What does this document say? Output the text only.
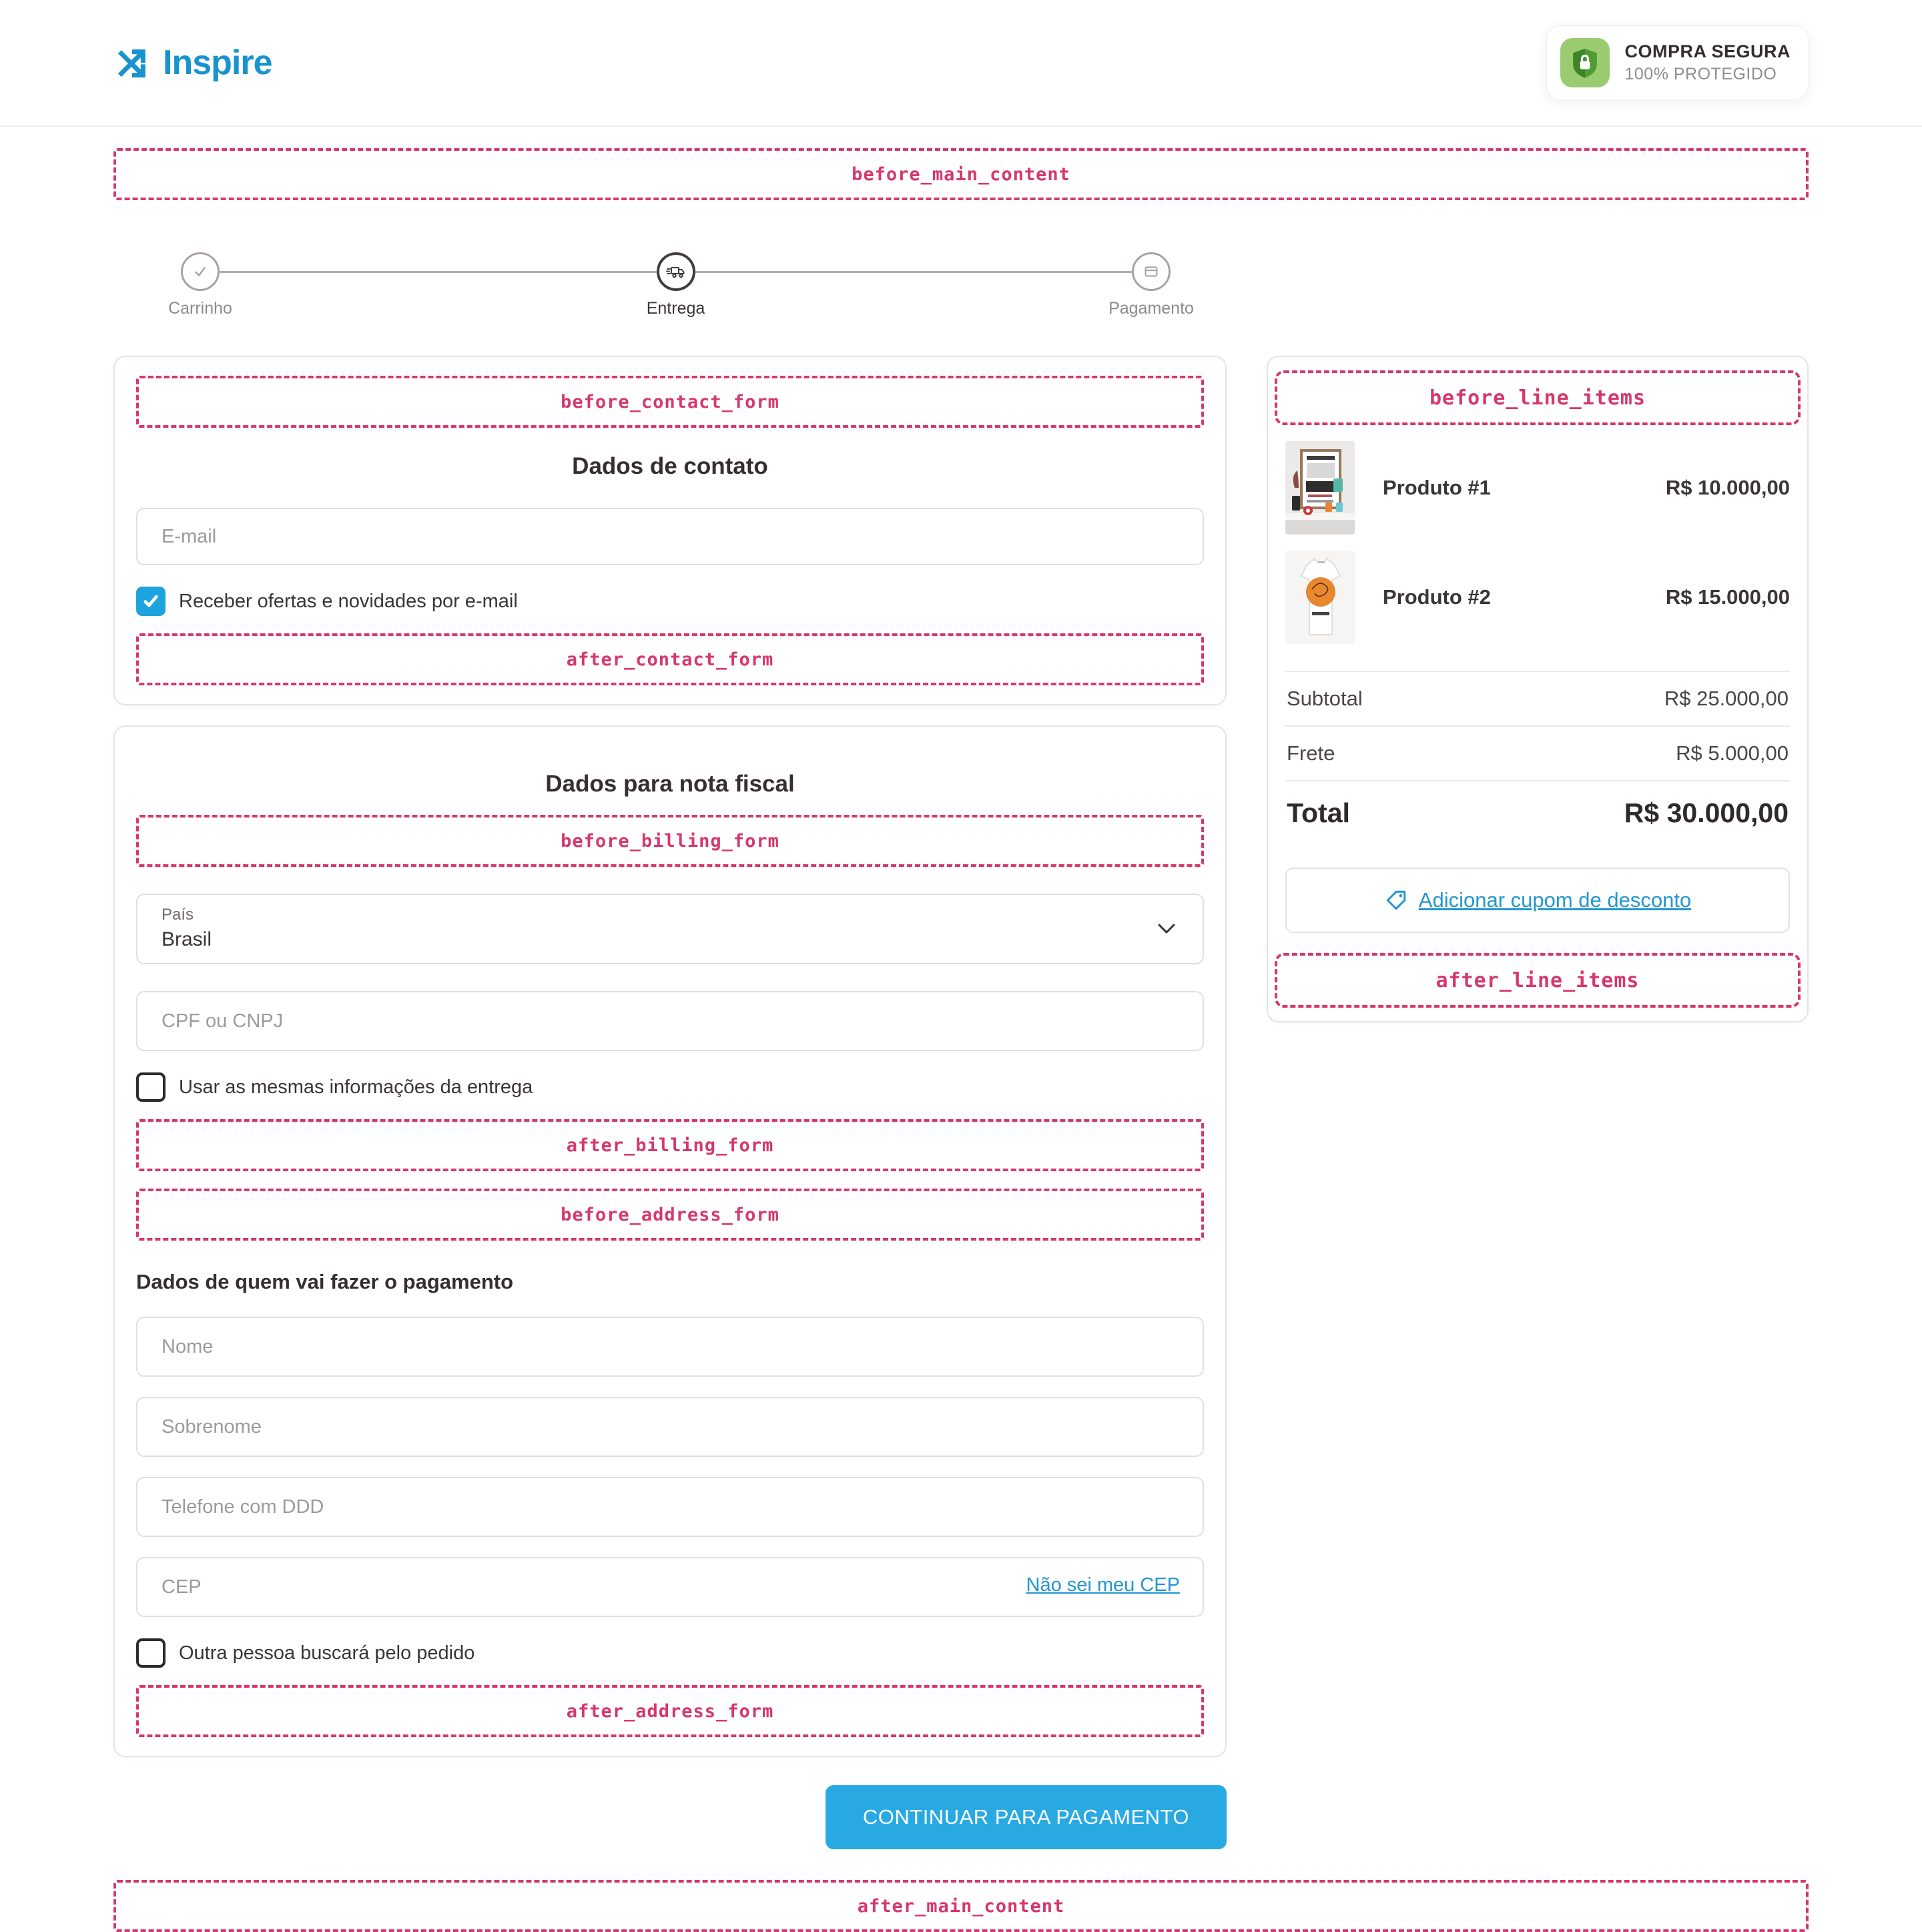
Inspire	COMPRA SEGURA
100% PROTEGIDO
before_main_content
Carrinho	Entrega	Pagamento
before_contact_form
Dados de contato
E-mail
Receber ofertas e novidades por e-mail
after_contact_form
Dados para nota fiscal
before_billing_form
País
Brasil
CPF ou CNPJ
Usar as mesmas informações da entrega
after_billing_form
before_address_form
Dados de quem vai fazer o pagamento
Nome Sobrenome Telefone com DDD
CEP
Não sei meu CEP
Outra pessoa buscará pelo pedido
after_address_form
CONTINUAR PARA PAGAMENTO
before_line_items
Produto #1	R$ 10.000,00
Produto #2	R$ 15.000,00
Subtotal	R$ 25.000,00
Frete	R$ 5.000,00
Total	R$ 30.000,00
Adicionar cupom de desconto
after_line_items
after_main_content
